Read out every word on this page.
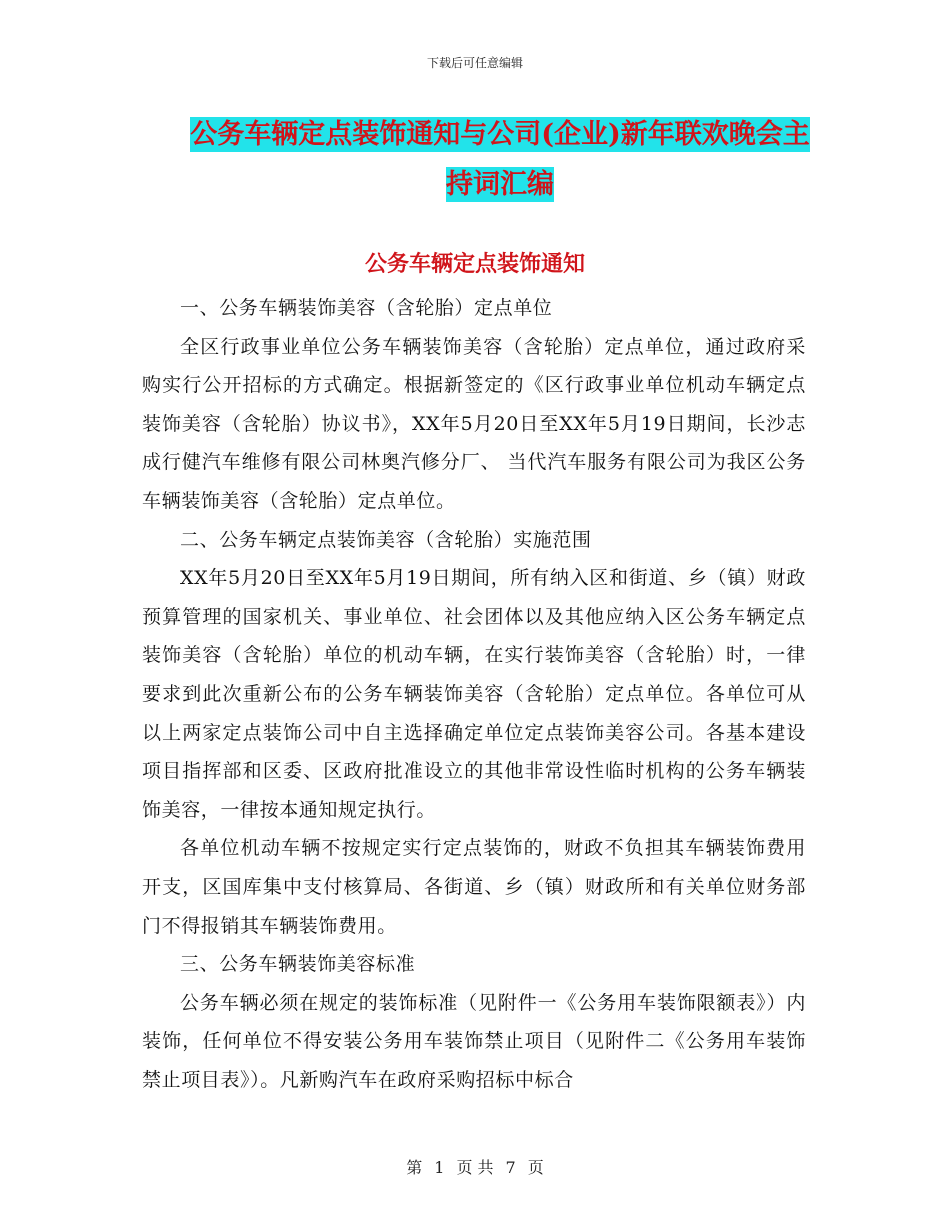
下载后可任意编辑
公务车辆定点装饰通知与公司(企业)新年联欢晚会主
持词汇编
公务车辆定点装饰通知

一、公务车辆装饰美容（含轮胎）定点单位

全区行政事业单位公务车辆装饰美容（含轮胎）定点单位，通过政府采购实行公开招标的方式确定。根据新签定的《区行政事业单位机动车辆定点装饰美容（含轮胎）协议书》，XX年5月20日至XX年5月19日期间，长沙志成行健汽车维修有限公司林奥汽修分厂、 当代汽车服务有限公司为我区公务车辆装饰美容（含轮胎）定点单位。

二、公务车辆定点装饰美容（含轮胎）实施范围

XX年5月20日至XX年5月19日期间，所有纳入区和街道、乡（镇）财政预算管理的国家机关、事业单位、社会团体以及其他应纳入区公务车辆定点装饰美容（含轮胎）单位的机动车辆，在实行装饰美容（含轮胎）时，一律要求到此次重新公布的公务车辆装饰美容（含轮胎）定点单位。各单位可从以上两家定点装饰公司中自主选择确定单位定点装饰美容公司。各基本建设项目指挥部和区委、区政府批准设立的其他非常设性临时机构的公务车辆装饰美容，一律按本通知规定执行。

各单位机动车辆不按规定实行定点装饰的，财政不负担其车辆装饰费用开支，区国库集中支付核算局、各街道、乡（镇）财政所和有关单位财务部门不得报销其车辆装饰费用。

三、公务车辆装饰美容标准

公务车辆必须在规定的装饰标准（见附件一《公务用车装饰限额表》）内装饰，任何单位不得安装公务用车装饰禁止项目（见附件二《公务用车装饰禁止项目表》）。凡新购汽车在政府采购招标中标合

第 1 页 共 7 页
